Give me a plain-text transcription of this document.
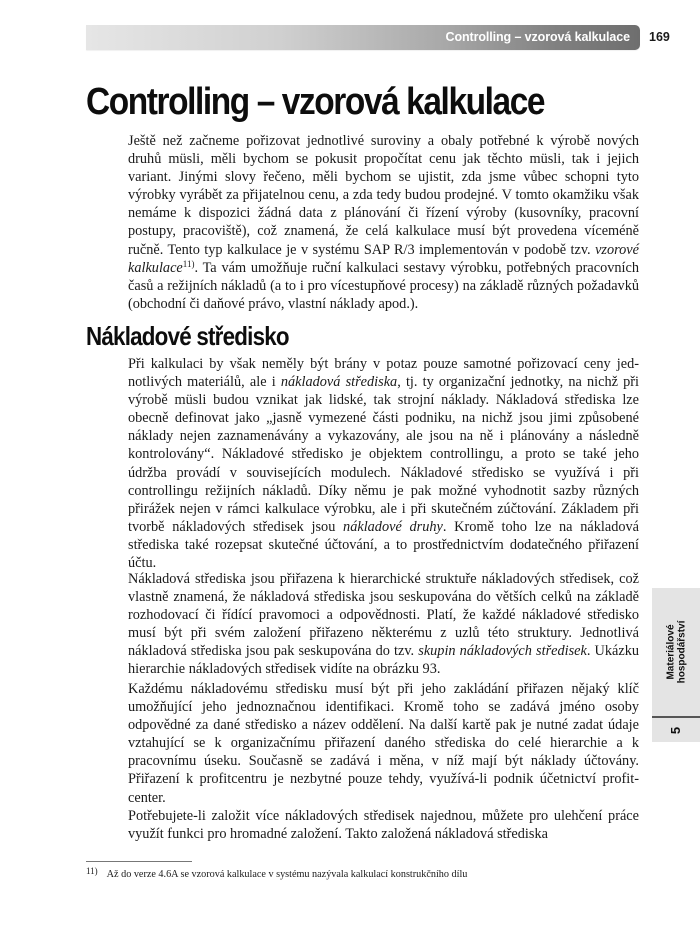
Controlling – vzorová kalkulace 169
Controlling – vzorová kalkulace

Ještě než začneme pořizovat jednotlivé suroviny a obaly potřebné k výrobě nových druhů müsli, měli bychom se pokusit propočítat cenu jak těchto müsli, tak i jejich variant. Jinými slovy řečeno, měli bychom se ujistit, zda jsme vůbec schopni tyto výrobky vyrábět za přijatelnou cenu, a zda tedy budou prodejné. V tomto okamžiku však nemáme k dispozici žádná data z plánování či řízení výroby (kusovníky, pracovní postupy, pracoviště), což znamená, že celá kalkulace musí být provedena víceméně ručně. Tento typ kalkulace je v systému SAP R/3 implementován v podobě tzv. vzorové kalkulace$^{11)}$. Ta vám umožňuje ruční kalkulaci sestavy výrobku, potřebných pracovních časů a režijních nákladů (a to i pro vícestupňové procesy) na základě různých požadavků (obchodní či daňové právo, vlastní náklady apod.).

Nákladové středisko

Při kalkulaci by však neměly být brány v potaz pouze samotné pořizovací ceny jednotlivých materiálů, ale i nákladová střediska, tj. ty organizační jednotky, na nichž při výrobě müsli budou vznikat jak lidské, tak strojní náklady. Nákladová střediska lze obecně definovat jako „jasně vymezené části podniku, na nichž jsou jimi způsobené náklady nejen zaznamenávány a vykazovány, ale jsou na ně i plánovány a následně kontrolovány“. Nákladové středisko je objektem controllingu, a proto se také jeho údržba provádí v souvisejících modulech. Nákladové středisko se využívá i při controllingu režijních nákladů. Díky němu je pak možné vyhodnotit sazby různých přirážek nejen v rámci kalkulace výrobku, ale i při skutečném zúčtování. Základem při tvorbě nákladových středisek jsou nákladové druhy. Kromě toho lze na nákladová střediska také rozepsat skutečné účtování, a to prostřednictvím dodatečného přiřazení účtu.

Nákladová střediska jsou přiřazena k hierarchické struktuře nákladových středisek, což vlastně znamená, že nákladová střediska jsou seskupována do větších celků na základě rozhodovací či řídící pravomoci a odpovědnosti. Platí, že každé nákladové středisko musí být při svém založení přiřazeno některému z uzlů této struktury. Jednotlivá nákladová střediska jsou pak seskupována do tzv. skupin nákladových středisek. Ukázku hierarchie nákladových středisek vidíte na obrázku 93.

Každému nákladovému středisku musí být při jeho zakládání přiřazen nějaký klíč umožňující jeho jednoznačnou identifikaci. Kromě toho se zadává jméno osoby odpovědné za dané středisko a název oddělení. Na další kartě pak je nutné zadat údaje vztahující se k organizačnímu přiřazení daného střediska do celé hierarchie a k pracovnímu úseku. Současně se zadává i měna, v níž mají být náklady účtovány. Přiřazení k profitcentru je nezbytné pouze tehdy, využívá-li podnik účetnictví profitcenter.

Potřebujete-li založit více nákladových středisek najednou, můžete pro ulehčení práce využít funkci pro hromadné založení. Takto založená nákladová střediska

11) Až do verze 4.6A se vzorová kalkulace v systému nazývala kalkulací konstrukčního dílu
Materiálové hospodářství
5
